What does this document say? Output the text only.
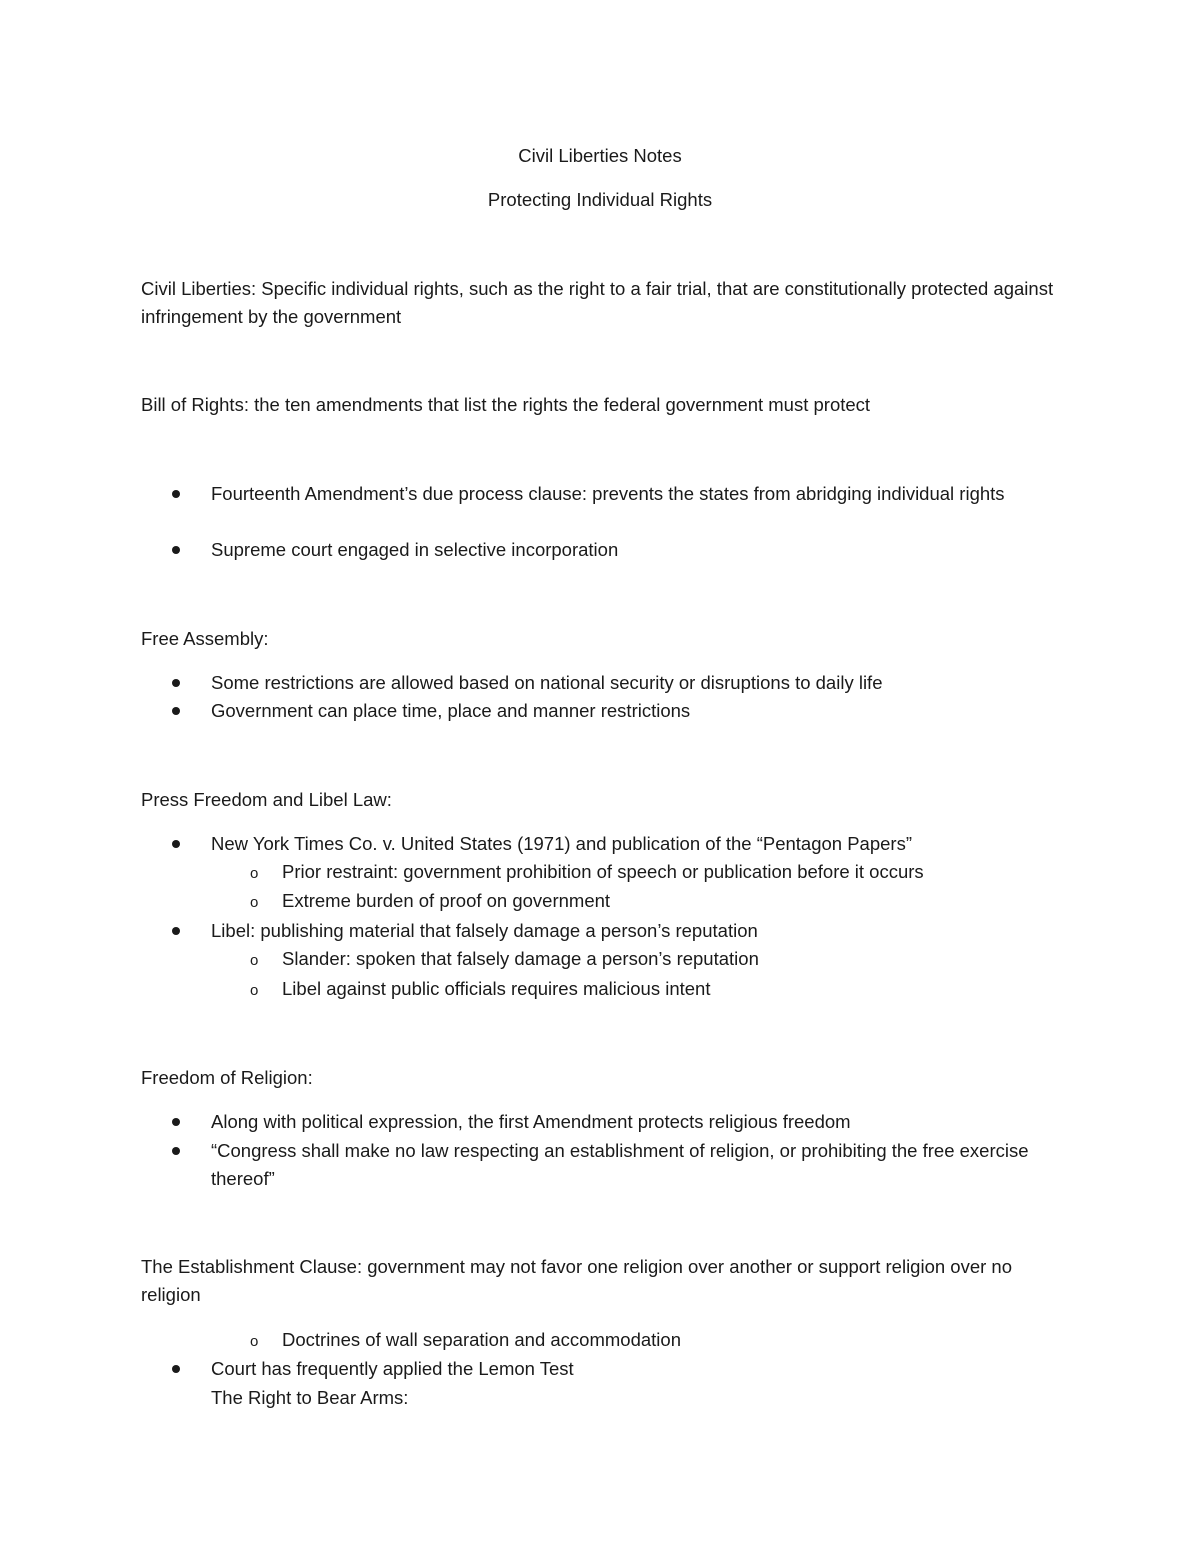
Civil Liberties Notes
Protecting Individual Rights

Civil Liberties: Specific individual rights, such as the right to a fair trial, that are constitutionally protected against infringement by the government

Bill of Rights: the ten amendments that list the rights the federal government must protect

Fourteenth Amendment’s due process clause: prevents the states from abridging individual rights
Supreme court engaged in selective incorporation
Free Assembly:
Some restrictions are allowed based on national security or disruptions to daily life
Government can place time, place and manner restrictions
Press Freedom and Libel Law:
New York Times Co. v. United States (1971) and publication of the “Pentagon Papers”
o	Prior restraint: government prohibition of speech or publication before it occurs
o	Extreme burden of proof on government
Libel: publishing material that falsely damage a person’s reputation
o	Slander: spoken that falsely damage a person’s reputation
o	Libel against public officials requires malicious intent
Freedom of Religion:
Along with political expression, the first Amendment protects religious freedom
“Congress shall make no law respecting an establishment of religion, or prohibiting the free exercise thereof”

The Establishment Clause: government may not favor one religion over another or support religion over no religion

o	Doctrines of wall separation and accommodation
Court has frequently applied the Lemon Test
The Right to Bear Arms:
